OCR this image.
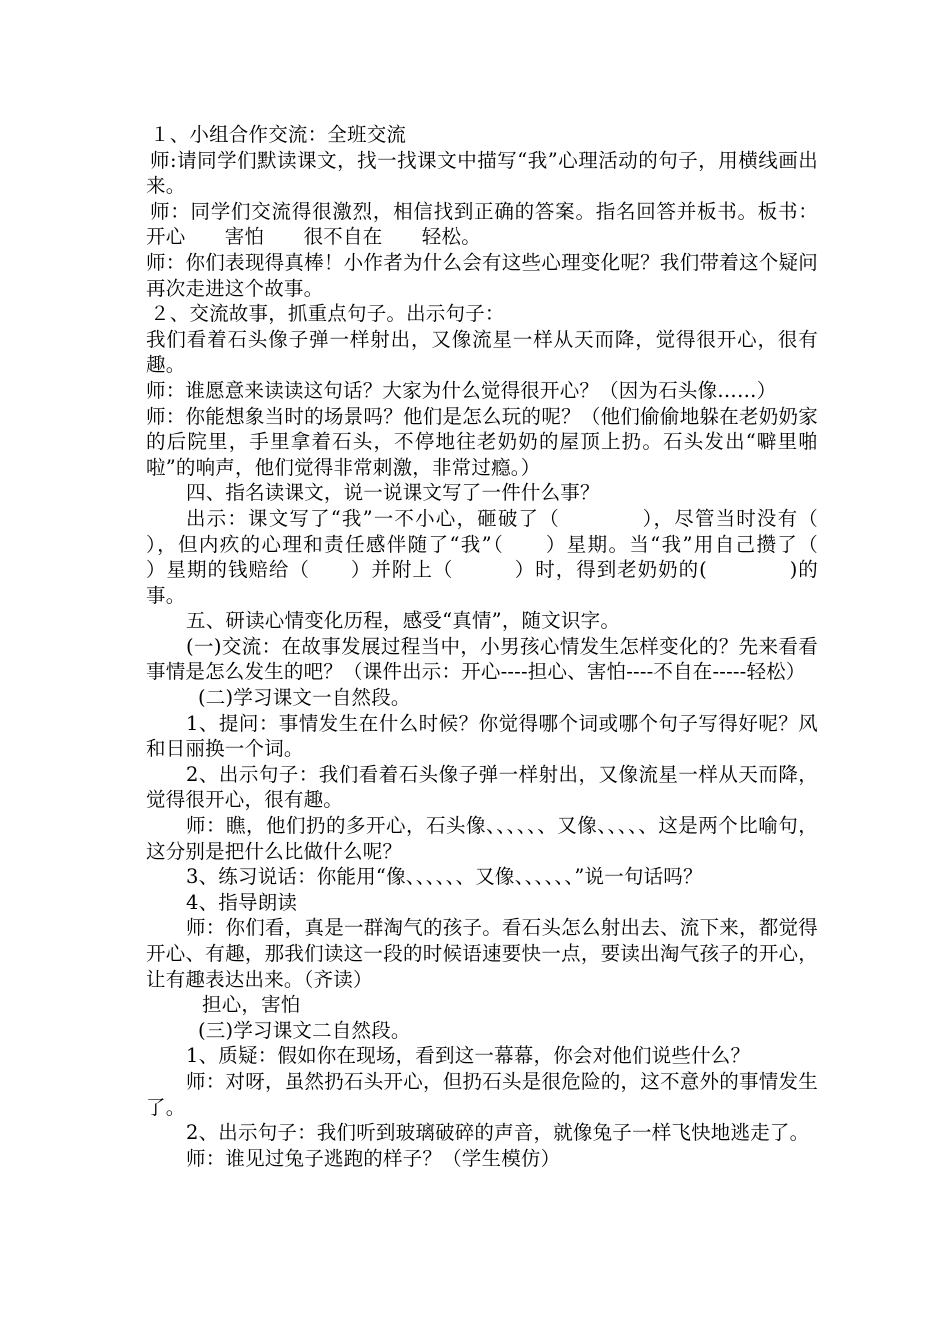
１、小组合作交流：全班交流

师:请同学们默读课文，找一找课文中描写“我”心理活动的句子，用横线画出来。

师：同学们交流得很激烈，相信找到正确的答案。指名回答并板书。板书：开心　　害怕　　很不自在　　轻松。

师：你们表现得真棒！小作者为什么会有这些心理变化呢？我们带着这个疑问再次走进这个故事。

２、交流故事，抓重点句子。出示句子：

我们看着石头像子弹一样射出，又像流星一样从天而降，觉得很开心，很有趣。

师：谁愿意来读读这句话？大家为什么觉得很开心？（因为石头像……）

师：你能想象当时的场景吗？他们是怎么玩的呢？（他们偷偷地躲在老奶奶家的后院里，手里拿着石头，不停地往老奶奶的屋顶上扔。石头发出“噼里啪啦”的响声，他们觉得非常刺激，非常过瘾。）

四、指名读课文，说一说课文写了一件什么事？

出示：课文写了“我”一不小心，砸破了（　　　　），尽管当时没有（　　），但内疚的心理和责任感伴随了“我”（　　）星期。当“我”用自己攒了（　　）星期的钱赔给（　　）并附上（　　　）时，得到老奶奶的(　　　　)的事。

五、研读心情变化历程，感受“真情”，随文识字。

(一)交流：在故事发展过程当中，小男孩心情发生怎样变化的？先来看看事情是怎么发生的吧？（课件出示：开心----担心、害怕----不自在-----轻松）

(二)学习课文一自然段。

1、提问：事情发生在什么时候？你觉得哪个词或哪个句子写得好呢？风和日丽换一个词。

2、出示句子：我们看着石头像子弹一样射出，又像流星一样从天而降，觉得很开心，很有趣。

师：瞧，他们扔的多开心，石头像、、、、、、又像、、、、、这是两个比喻句，这分别是把什么比做什么呢？

3、练习说话：你能用“像、、、、、、又像、、、、、、”说一句话吗？

4、指导朗读

师：你们看，真是一群淘气的孩子。看石头怎么射出去、流下来，都觉得开心、有趣，那我们读这一段的时候语速要快一点，要读出淘气孩子的开心，让有趣表达出来。（齐读）

担心，害怕

(三)学习课文二自然段。

1、质疑：假如你在现场，看到这一幕幕，你会对他们说些什么？

师：对呀，虽然扔石头开心，但扔石头是很危险的，这不意外的事情发生了。

2、出示句子：我们听到玻璃破碎的声音，就像兔子一样飞快地逃走了。

师：谁见过兔子逃跑的样子？（学生模仿）
